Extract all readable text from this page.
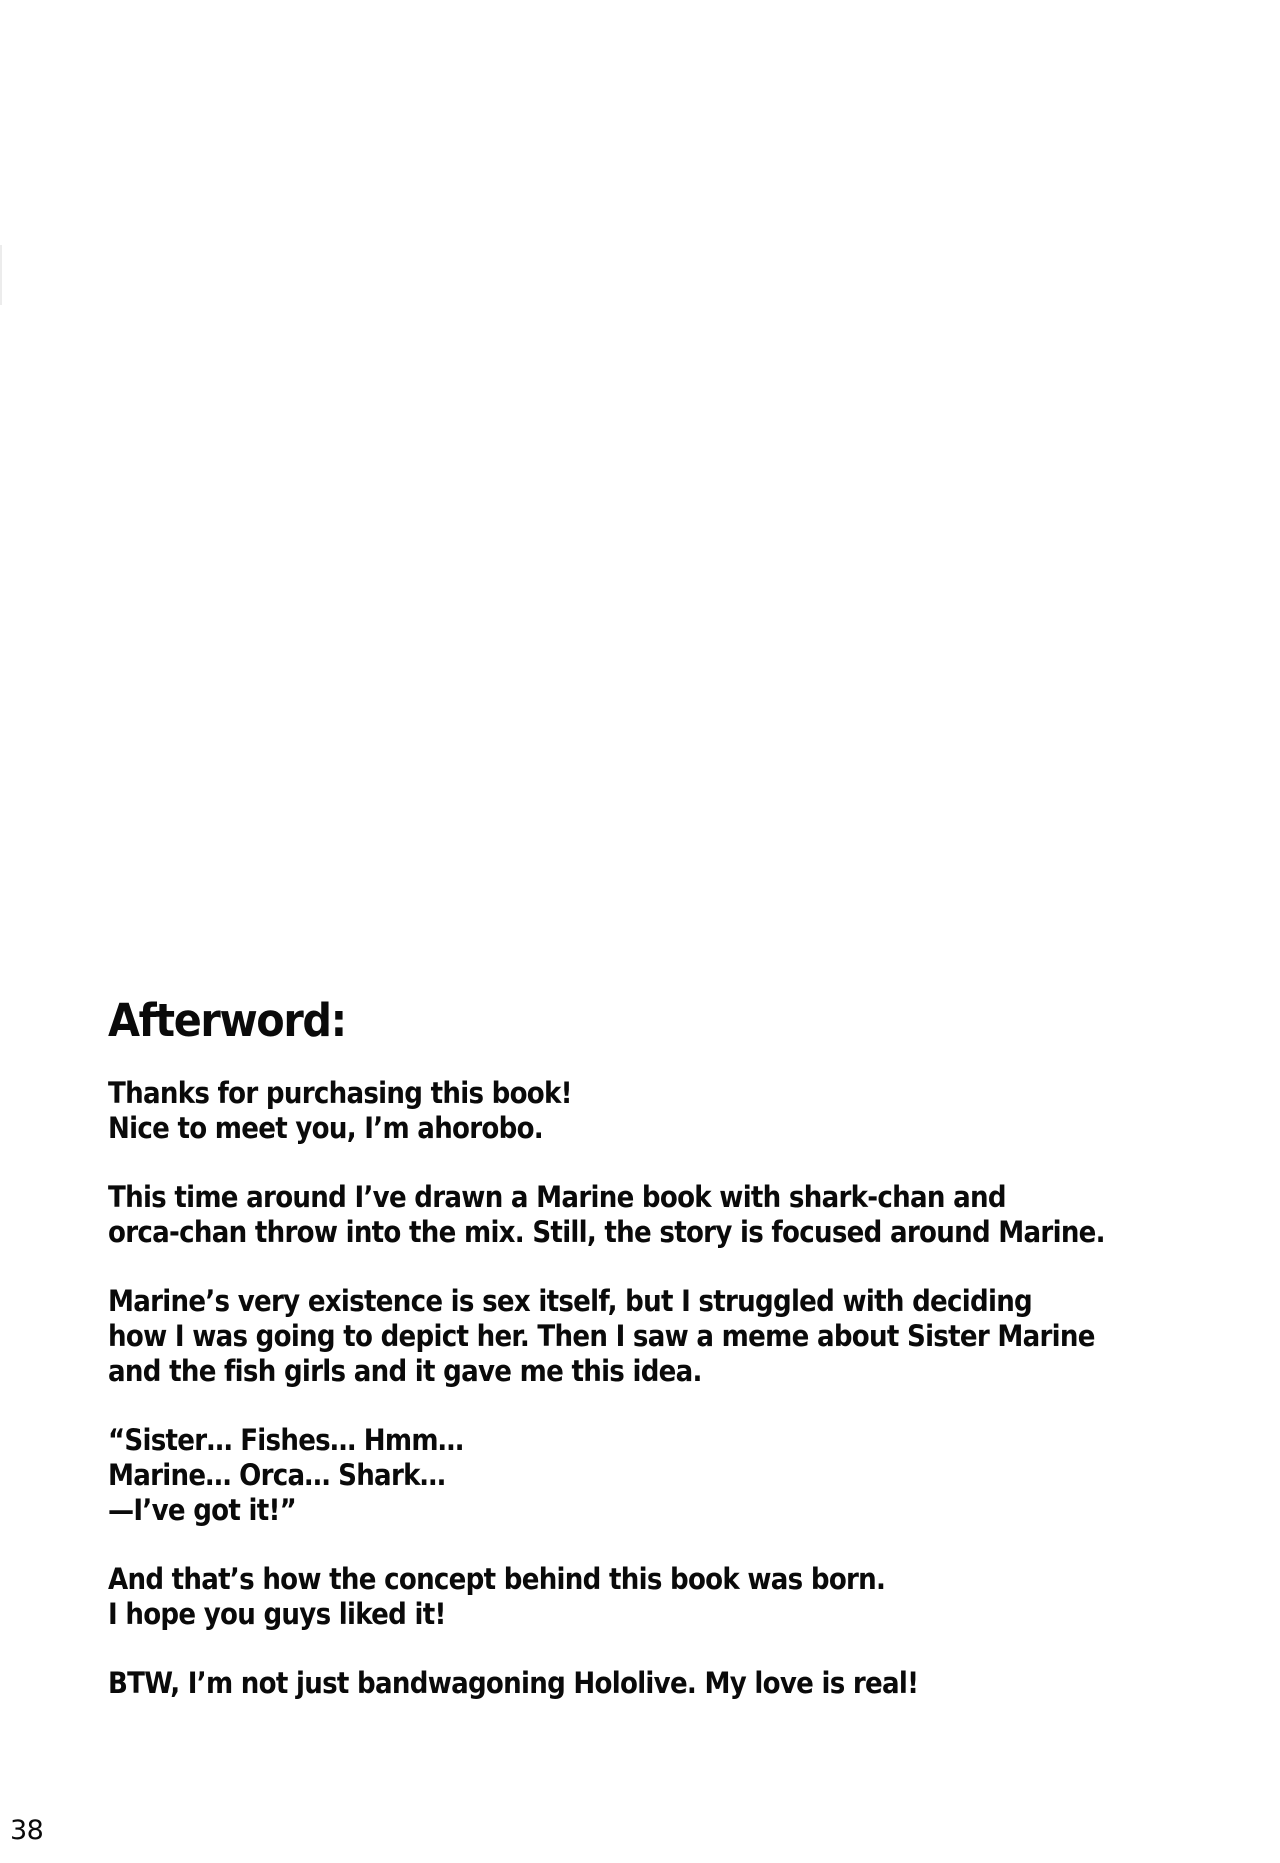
Afterword:
Thanks for purchasing this book!
Nice to meet you, I’m ahorobo.
This time around I’ve drawn a Marine book with shark-chan and
orca-chan throw into the mix. Still, the story is focused around Marine.
Marine’s very existence is sex itself, but I struggled with deciding
how I was going to depict her. Then I saw a meme about Sister Marine
and the fish girls and it gave me this idea.
“Sister… Fishes… Hmm…
Marine… Orca… Shark…
—I’ve got it!”
And that’s how the concept behind this book was born.
I hope you guys liked it!
BTW, I’m not just bandwagoning Hololive. My love is real!
38
